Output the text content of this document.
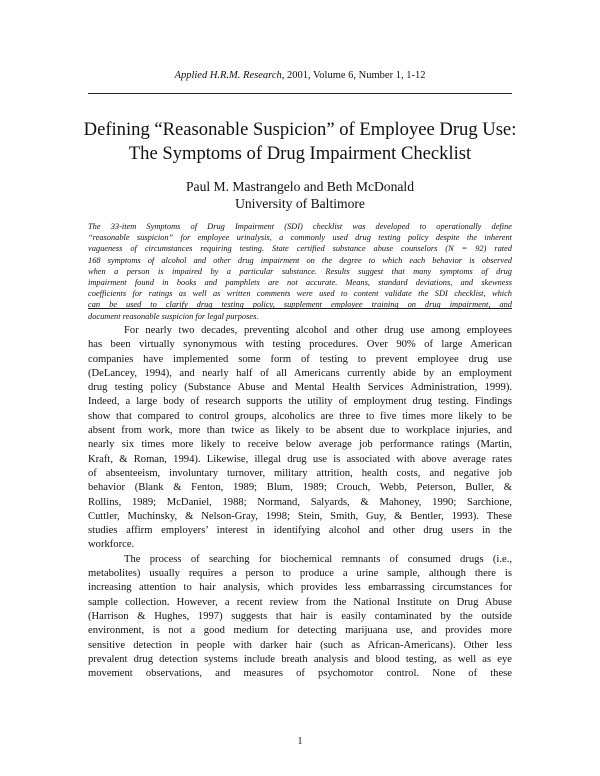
Applied H.R.M. Research, 2001, Volume 6, Number 1, 1-12
Defining “Reasonable Suspicion” of Employee Drug Use:
The Symptoms of Drug Impairment Checklist
Paul M. Mastrangelo and Beth McDonald
University of Baltimore
The 33-item Symptoms of Drug Impairment (SDI) checklist was developed to operationally define
“reasonable suspicion” for employee urinalysis, a commonly used drug testing policy despite the inherent
vagueness of circumstances requiring testing. State certified substance abuse counselors (N = 92) rated
168 symptoms of alcohol and other drug impairment on the degree to which each behavior is observed
when a person is impaired by a particular substance. Results suggest that many symptoms of drug
impairment found in books and pamphlets are not accurate. Means, standard deviations, and skewness
coefficients for ratings as well as written comments were used to content validate the SDI checklist, which
can be used to clarify drug testing policy, supplement employee training on drug impairment, and
document reasonable suspicion for legal purposes.
For nearly two decades, preventing alcohol and other drug use among employees
has been virtually synonymous with testing procedures. Over 90% of large American
companies have implemented some form of testing to prevent employee drug use
(DeLancey, 1994), and nearly half of all Americans currently abide by an employment
drug testing policy (Substance Abuse and Mental Health Services Administration, 1999).
Indeed, a large body of research supports the utility of employment drug testing. Findings
show that compared to control groups, alcoholics are three to five times more likely to be
absent from work, more than twice as likely to be absent due to workplace injuries, and
nearly six times more likely to receive below average job performance ratings (Martin,
Kraft, & Roman, 1994). Likewise, illegal drug use is associated with above average rates
of absenteeism, involuntary turnover, military attrition, health costs, and negative job
behavior (Blank & Fenton, 1989; Blum, 1989; Crouch, Webb, Peterson, Buller, &
Rollins, 1989; McDaniel, 1988; Normand, Salyards, & Mahoney, 1990; Sarchione,
Cuttler, Muchinsky, & Nelson-Gray, 1998; Stein, Smith, Guy, & Bentler, 1993). These
studies affirm employers’ interest in identifying alcohol and other drug users in the
workforce.
The process of searching for biochemical remnants of consumed drugs (i.e.,
metabolites) usually requires a person to produce a urine sample, although there is
increasing attention to hair analysis, which provides less embarrassing circumstances for
sample collection. However, a recent review from the National Institute on Drug Abuse
(Harrison & Hughes, 1997) suggests that hair is easily contaminated by the outside
environment, is not a good medium for detecting marijuana use, and provides more
sensitive detection in people with darker hair (such as African-Americans). Other less
prevalent drug detection systems include breath analysis and blood testing, as well as eye
movement observations, and measures of psychomotor control. None of these
1
